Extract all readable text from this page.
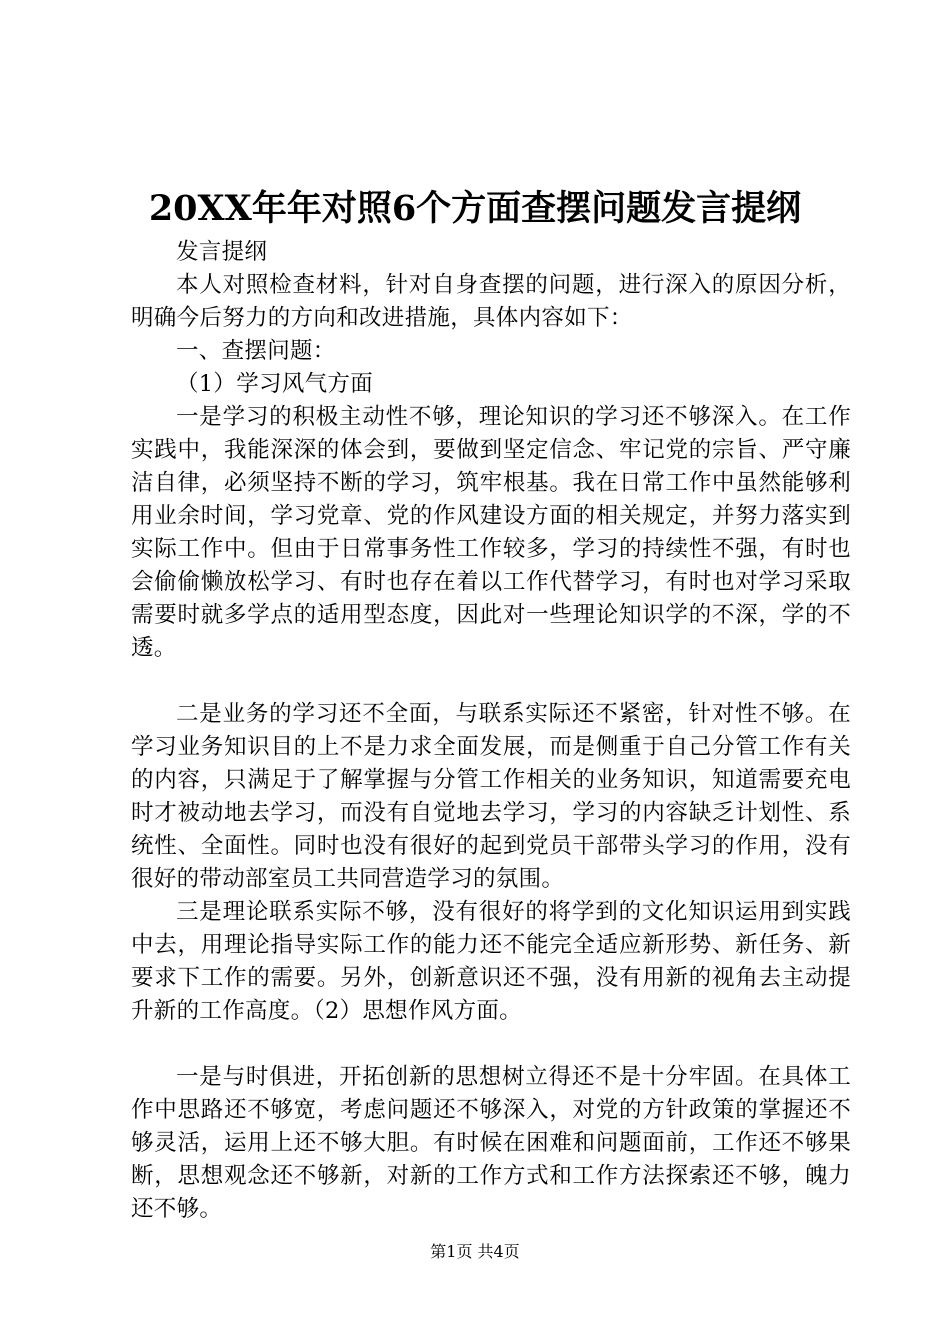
20XX年年对照6个方面查摆问题发言提纲

发言提纲

本人对照检查材料，针对自身查摆的问题，进行深入的原因分析，明确今后努力的方向和改进措施，具体内容如下：

一、查摆问题：

（1）学习风气方面

一是学习的积极主动性不够，理论知识的学习还不够深入。在工作实践中，我能深深的体会到，要做到坚定信念、牢记党的宗旨、严守廉洁自律，必须坚持不断的学习，筑牢根基。我在日常工作中虽然能够利用业余时间，学习党章、党的作风建设方面的相关规定，并努力落实到实际工作中。但由于日常事务性工作较多，学习的持续性不强，有时也会偷偷懒放松学习、有时也存在着以工作代替学习，有时也对学习采取需要时就多学点的适用型态度，因此对一些理论知识学的不深，学的不透。

二是业务的学习还不全面，与联系实际还不紧密，针对性不够。在学习业务知识目的上不是力求全面发展，而是侧重于自己分管工作有关的内容，只满足于了解掌握与分管工作相关的业务知识，知道需要充电时才被动地去学习，而没有自觉地去学习，学习的内容缺乏计划性、系统性、全面性。同时也没有很好的起到党员干部带头学习的作用，没有很好的带动部室员工共同营造学习的氛围。

三是理论联系实际不够，没有很好的将学到的文化知识运用到实践中去，用理论指导实际工作的能力还不能完全适应新形势、新任务、新要求下工作的需要。另外，创新意识还不强，没有用新的视角去主动提升新的工作高度。（2）思想作风方面。

一是与时俱进，开拓创新的思想树立得还不是十分牢固。在具体工作中思路还不够宽，考虑问题还不够深入，对党的方针政策的掌握还不够灵活，运用上还不够大胆。有时候在困难和问题面前，工作还不够果断，思想观念还不够新，对新的工作方式和工作方法探索还不够，魄力还不够。

第1页 共4页
